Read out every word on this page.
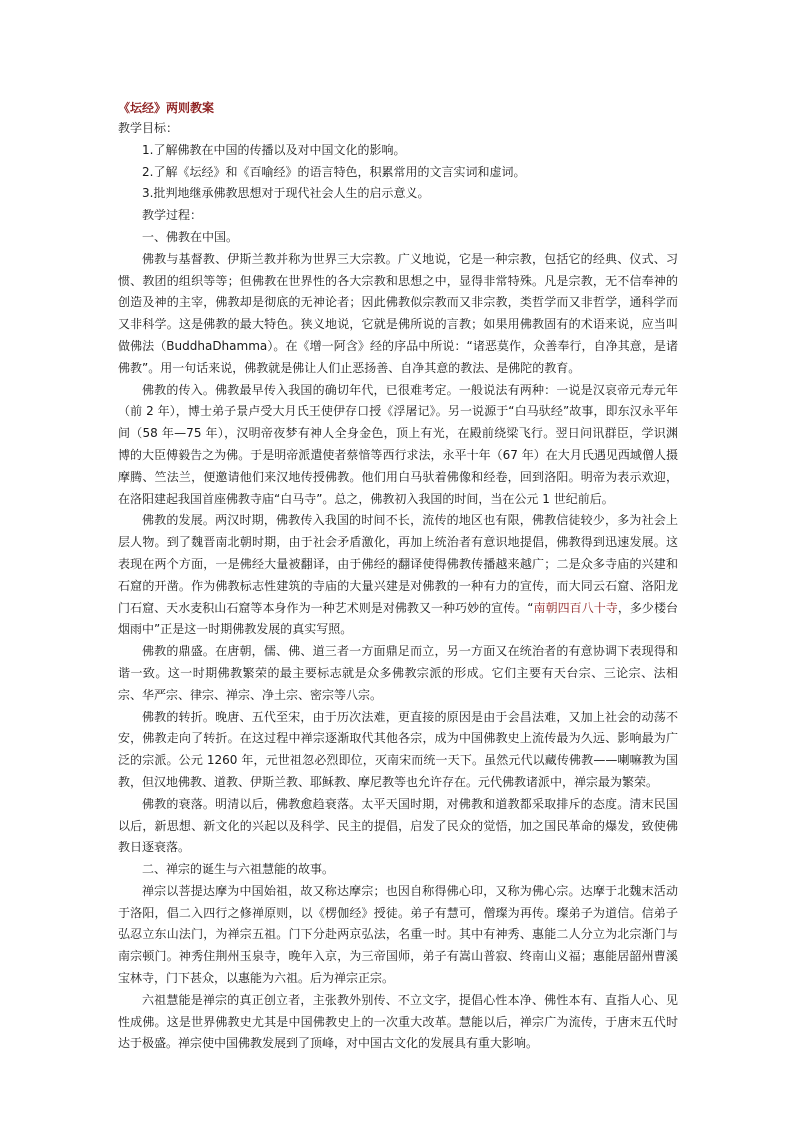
《坛经》两则教案

教学目标：

1.了解佛教在中国的传播以及对中国文化的影响。

2.了解《坛经》和《百喻经》的语言特色，积累常用的文言实词和虚词。

3.批判地继承佛教思想对于现代社会人生的启示意义。

教学过程：

一、佛教在中国。

佛教与基督教、伊斯兰教并称为世界三大宗教。广义地说，它是一种宗教，包括它的经典、仪式、习惯、教团的组织等等；但佛教在世界性的各大宗教和思想之中，显得非常特殊。凡是宗教，无不信奉神的创造及神的主宰，佛教却是彻底的无神论者；因此佛教似宗教而又非宗教，类哲学而又非哲学，通科学而又非科学。这是佛教的最大特色。狭义地说，它就是佛所说的言教；如果用佛教固有的术语来说，应当叫做佛法（BuddhaDhamma）。在《增一阿含》经的序品中所说：“诸恶莫作，众善奉行，自净其意，是诸佛教”。用一句话来说，佛教就是佛让人们止恶扬善、自净其意的教法、是佛陀的教育。

佛教的传入。佛教最早传入我国的确切年代，已很难考定。一般说法有两种：一说是汉哀帝元寿元年（前 2 年），博士弟子景卢受大月氏王使伊存口授《浮屠记》。另一说源于“白马驮经”故事，即东汉永平年间（58 年—75 年），汉明帝夜梦有神人全身金色，顶上有光，在殿前绕梁飞行。翌日问讯群臣，学识渊博的大臣傅毅告之为佛。于是明帝派遣使者蔡愔等西行求法，永平十年（67 年）在大月氏遇见西域僧人摄摩腾、竺法兰，便邀请他们来汉地传授佛教。他们用白马驮着佛像和经卷，回到洛阳。明帝为表示欢迎，在洛阳建起我国首座佛教寺庙“白马寺”。总之，佛教初入我国的时间，当在公元 1 世纪前后。

佛教的发展。两汉时期，佛教传入我国的时间不长，流传的地区也有限，佛教信徒较少，多为社会上层人物。到了魏晋南北朝时期，由于社会矛盾激化，再加上统治者有意识地提倡，佛教得到迅速发展。这表现在两个方面，一是佛经大量被翻译，由于佛经的翻译使得佛教传播越来越广；二是众多寺庙的兴建和石窟的开凿。作为佛教标志性建筑的寺庙的大量兴建是对佛教的一种有力的宣传，而大同云石窟、洛阳龙门石窟、天水麦积山石窟等本身作为一种艺术则是对佛教又一种巧妙的宣传。“南朝四百八十寺，多少楼台烟雨中”正是这一时期佛教发展的真实写照。

佛教的鼎盛。在唐朝，儒、佛、道三者一方面鼎足而立，另一方面又在统治者的有意协调下表现得和谐一致。这一时期佛教繁荣的最主要标志就是众多佛教宗派的形成。它们主要有天台宗、三论宗、法相宗、华严宗、律宗、禅宗、净土宗、密宗等八宗。

佛教的转折。晚唐、五代至宋，由于历次法难，更直接的原因是由于会昌法难，又加上社会的动荡不安，佛教走向了转折。在这过程中禅宗逐渐取代其他各宗，成为中国佛教史上流传最为久远、影响最为广泛的宗派。公元 1260 年，元世祖忽必烈即位，灭南宋而统一天下。虽然元代以藏传佛教——喇嘛教为国教，但汉地佛教、道教、伊斯兰教、耶稣教、摩尼教等也允许存在。元代佛教诸派中，禅宗最为繁荣。

佛教的衰落。明清以后，佛教愈趋衰落。太平天国时期，对佛教和道教都采取排斥的态度。清末民国以后，新思想、新文化的兴起以及科学、民主的提倡，启发了民众的觉悟，加之国民革命的爆发，致使佛教日逐衰落。

二、禅宗的诞生与六祖慧能的故事。

禅宗以菩提达摩为中国始祖，故又称达摩宗；也因自称得佛心印，又称为佛心宗。达摩于北魏末活动于洛阳，倡二入四行之修禅原则，以《楞伽经》授徒。弟子有慧可，僧璨为再传。璨弟子为道信。信弟子弘忍立东山法门，为禅宗五祖。门下分赴两京弘法，名重一时。其中有神秀、惠能二人分立为北宗渐门与南宗顿门。神秀住荆州玉泉寺，晚年入京，为三帝国师，弟子有嵩山普寂、终南山义福；惠能居韶州曹溪宝林寺，门下甚众，以惠能为六祖。后为禅宗正宗。

六祖慧能是禅宗的真正创立者，主张教外别传、不立文字，提倡心性本净、佛性本有、直指人心、见性成佛。这是世界佛教史尤其是中国佛教史上的一次重大改革。慧能以后，禅宗广为流传，于唐末五代时达于极盛。禅宗使中国佛教发展到了顶峰，对中国古文化的发展具有重大影响。
